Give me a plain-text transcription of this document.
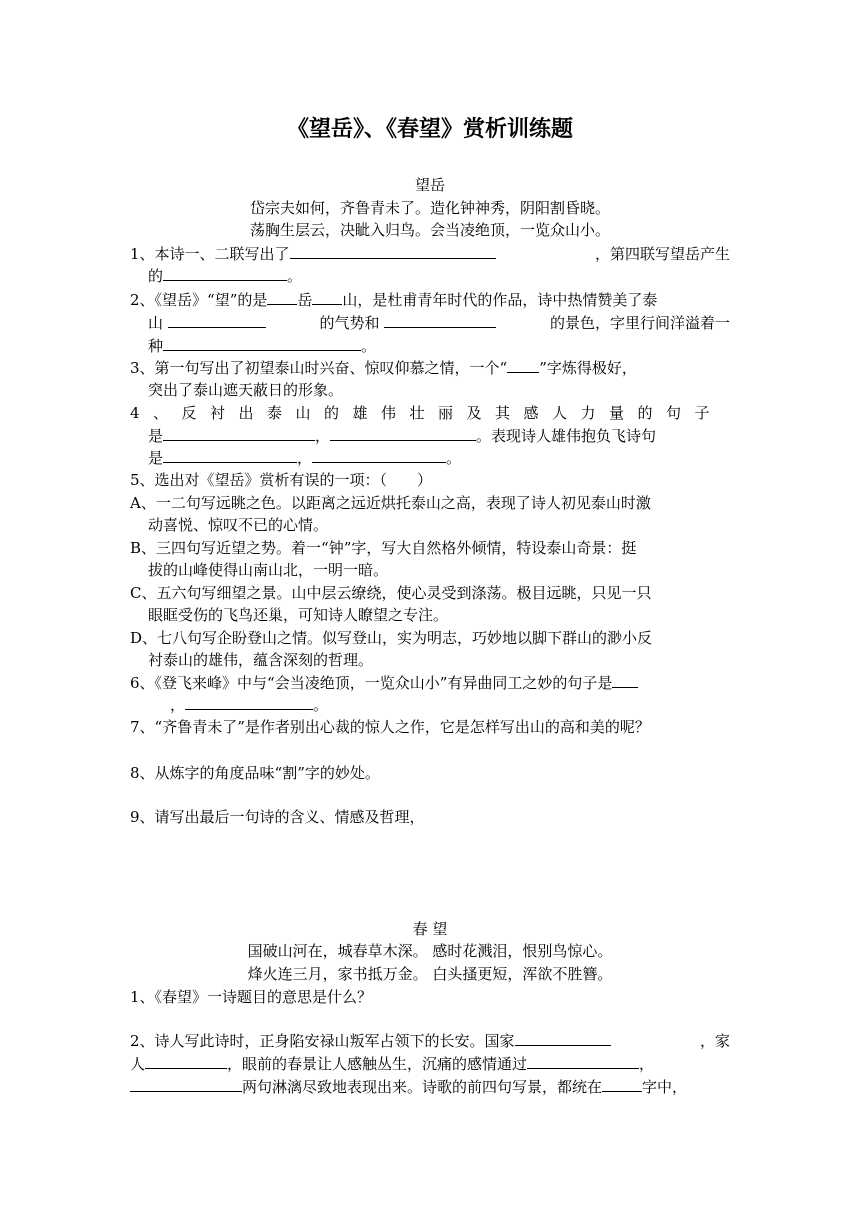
《望岳》、《春望》赏析训练题
望岳
岱宗夫如何，齐鲁青未了。造化钟神秀，阴阳割昏晓。
荡胸生层云，决眦入归鸟。会当凌绝顶，一览众山小。
1、本诗一、二联写出了	，第四联写望岳产生
的	。
2、《望岳》“望”的是 岳 山，是杜甫青年时代的作品，诗中热情赞美了泰
山	的气势和	的景色，字里行间洋溢着一
种	。
3、第一句写出了初望泰山时兴奋、惊叹仰慕之情，一个“ ”字炼得极好，
突出了泰山遮天蔽日的形象。
4、反衬出泰山的雄伟壮丽及其感人力量的句子
是	，	。表现诗人雄伟抱负飞诗句
是	，	。
5、选出对《望岳》赏析有误的一项：（　　）
A、一二句写远眺之色。以距离之远近烘托泰山之高，表现了诗人初见泰山时激
动喜悦、惊叹不已的心情。
B、三四句写近望之势。着一“钟”字，写大自然格外倾情，特设泰山奇景：挺
拔的山峰使得山南山北，一明一暗。
C、五六句写细望之景。山中层云缭绕，使心灵受到涤荡。极目远眺，只见一只
眼眶受伤的飞鸟还巢，可知诗人瞭望之专注。
D、七八句写企盼登山之情。似写登山，实为明志，巧妙地以脚下群山的渺小反
衬泰山的雄伟，蕴含深刻的哲理。
6、《登飞来峰》中与“会当凌绝顶，一览众山小”有异曲同工之妙的句子是
，	。
7、“齐鲁青未了”是作者别出心裁的惊人之作，它是怎样写出山的高和美的呢？
8、从炼字的角度品味“割”字的妙处。
9、请写出最后一句诗的含义、情感及哲理，
春 望
国破山河在，城春草木深。 感时花溅泪，恨别鸟惊心。
烽火连三月，家书抵万金。 白头搔更短，浑欲不胜簪。
1、《春望》一诗题目的意思是什么？
2、诗人写此诗时，正身陷安禄山叛军占领下的长安。国家	，家
人	，眼前的春景让人感触丛生，沉痛的感情通过	，
两句淋漓尽致地表现出来。诗歌的前四句写景，都统在	字中，
